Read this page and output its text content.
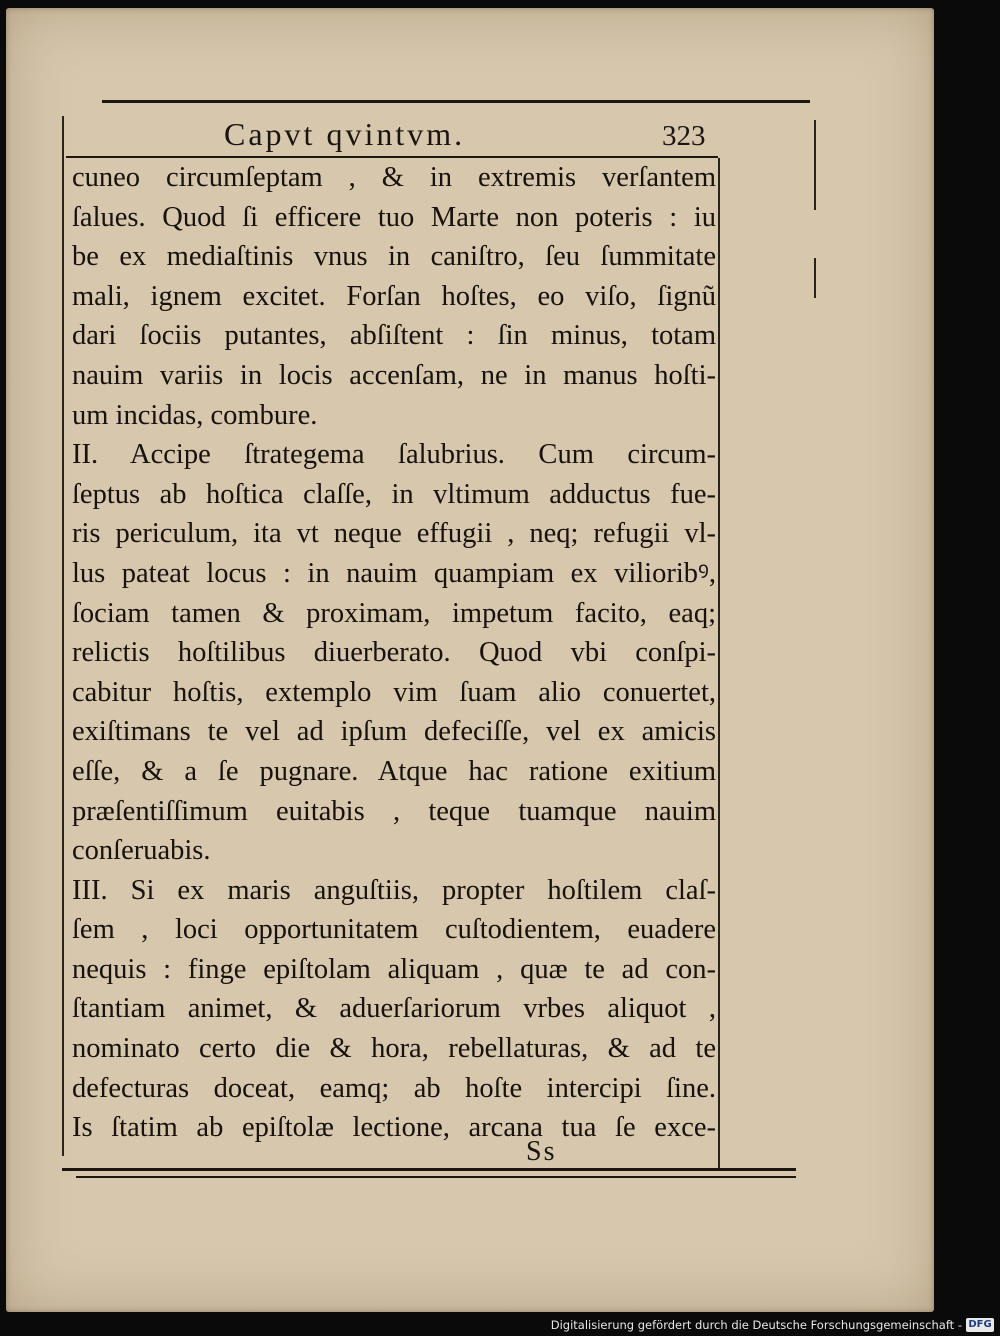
Capvt qvintvm.	323
cuneo circumſeptam , & in extremis verſantem
ſalues. Quod ſi efficere tuo Marte non poteris : iu
be ex mediaſtinis vnus in caniſtro, ſeu ſummitate
mali, ignem excitet. Forſan hoſtes, eo viſo, ſignũ
dari ſociis putantes, abſiſtent : ſin minus, totam
nauim variis in locis accenſam, ne in manus hoſti-
um incidas, combure.
II. Accipe ſtrategema ſalubrius. Cum circum-
ſeptus ab hoſtica claſſe, in vltimum adductus fue-
ris periculum, ita vt neque effugii , neq; refugii vl-
lus pateat locus : in nauim quampiam ex vilioribꝰ,
ſociam tamen & proximam, impetum facito, eaq;
relictis hoſtilibus diuerberato. Quod vbi conſpi-
cabitur hoſtis, extemplo vim ſuam alio conuertet,
exiſtimans te vel ad ipſum defeciſſe, vel ex amicis
eſſe, & a ſe pugnare. Atque hac ratione exitium
præſentiſſimum euitabis , teque tuamque nauim
conſeruabis.
III. Si ex maris anguſtiis, propter hoſtilem claſ-
ſem , loci opportunitatem cuſtodientem, euadere
nequis : finge epiſtolam aliquam , quæ te ad con-
ſtantiam animet, & aduerſariorum vrbes aliquot ,
nominato certo die & hora, rebellaturas, & ad te
defecturas doceat, eamq; ab hoſte intercipi ſine.
Is ſtatim ab epiſtolæ lectione, arcana tua ſe exce-
Ss
Digitalisierung gefördert durch die Deutsche Forschungsgemeinschaft - DFG
